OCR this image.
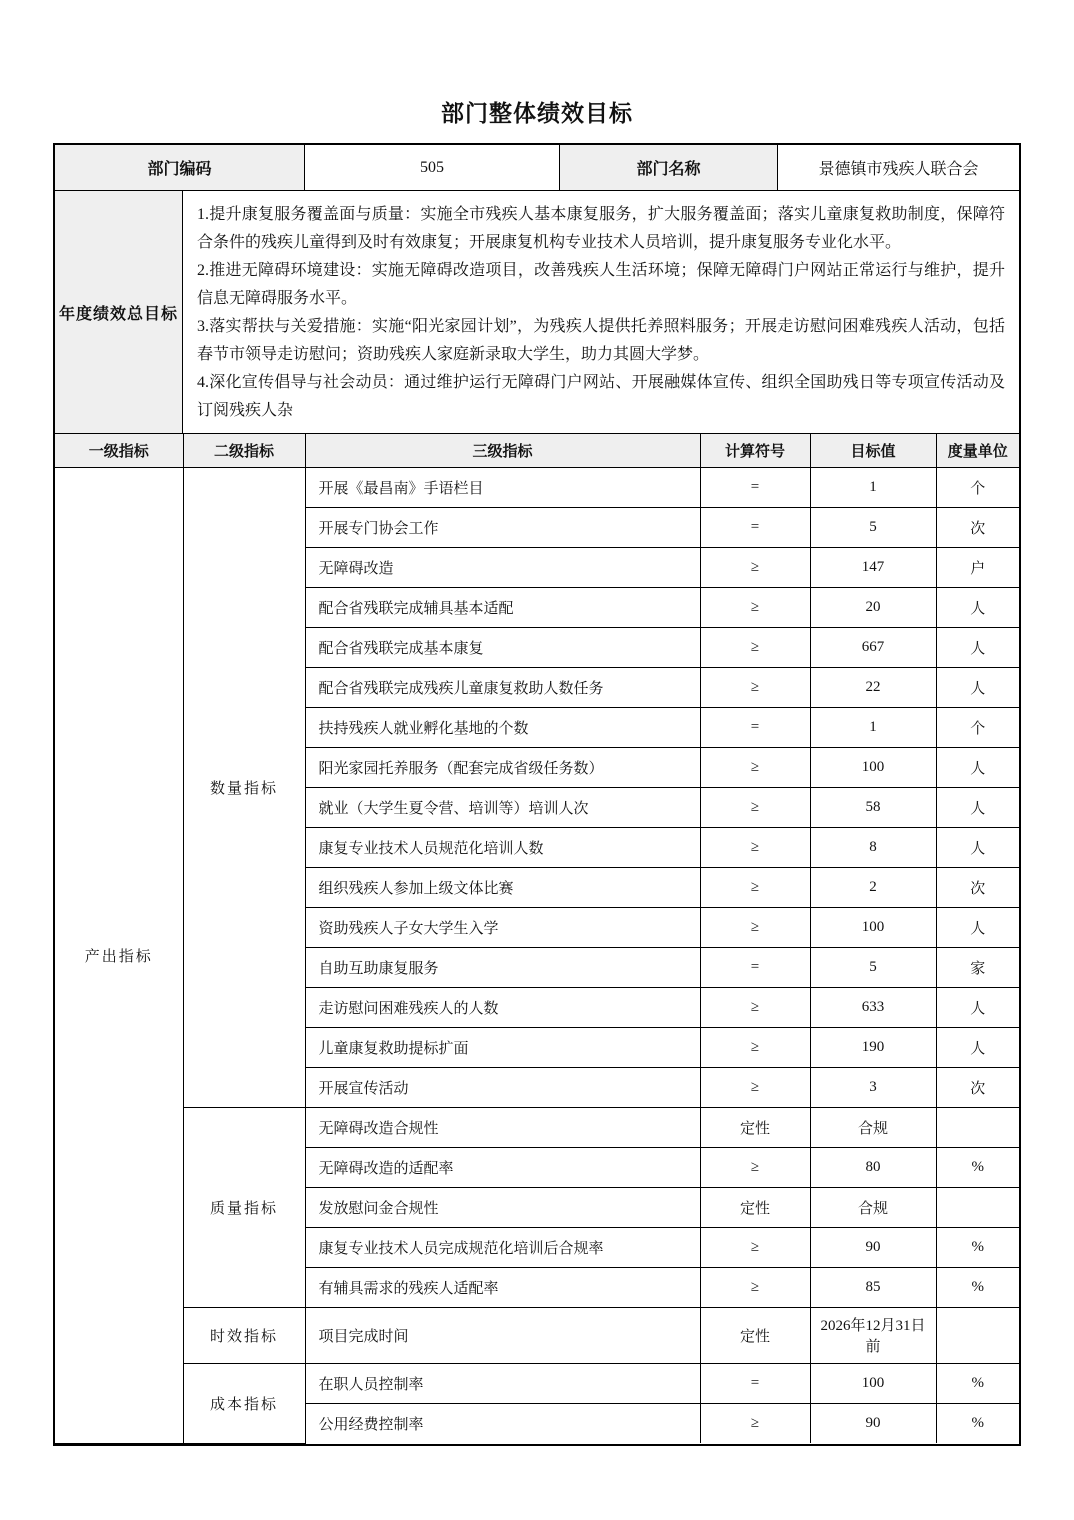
部门整体绩效目标
部门编码	505	部门名称	景德镇市残疾人联合会
年度绩效总目标

1.提升康复服务覆盖面与质量：实施全市残疾人基本康复服务，扩大服务覆盖面；落实儿童康复救助制度，保障符合条件的残疾儿童得到及时有效康复；开展康复机构专业技术人员培训，提升康复服务专业化水平。

2.推进无障碍环境建设：实施无障碍改造项目，改善残疾人生活环境；保障无障碍门户网站正常运行与维护，提升信息无障碍服务水平。

3.落实帮扶与关爱措施：实施“阳光家园计划”，为残疾人提供托养照料服务；开展走访慰问困难残疾人活动，包括春节市领导走访慰问；资助残疾人家庭新录取大学生，助力其圆大学梦。

4.深化宣传倡导与社会动员：通过维护运行无障碍门户网站、开展融媒体宣传、组织全国助残日等专项宣传活动及订阅残疾人杂

一级指标	二级指标	三级指标	计算符号	目标值	度量单位
产出指标	数量指标	开展《最昌南》手语栏目	=	1	个
		开展专门协会工作	=	5	次
		无障碍改造	≥	147	户
		配合省残联完成辅具基本适配	≥	20	人
		配合省残联完成基本康复	≥	667	人
		配合省残联完成残疾儿童康复救助人数任务	≥	22	人
		扶持残疾人就业孵化基地的个数	=	1	个
		阳光家园托养服务（配套完成省级任务数）	≥	100	人
		就业（大学生夏令营、培训等）培训人次	≥	58	人
		康复专业技术人员规范化培训人数	≥	8	人
		组织残疾人参加上级文体比赛	≥	2	次
		资助残疾人子女大学生入学	≥	100	人
		自助互助康复服务	=	5	家
		走访慰问困难残疾人的人数	≥	633	人
		儿童康复救助提标扩面	≥	190	人
		开展宣传活动	≥	3	次
	质量指标	无障碍改造合规性	定性	合规	
		无障碍改造的适配率	≥	80	%
		发放慰问金合规性	定性	合规	
		康复专业技术人员完成规范化培训后合规率	≥	90	%
		有辅具需求的残疾人适配率	≥	85	%
	时效指标	项目完成时间	定性	2026年12月31日前	
	成本指标	在职人员控制率	=	100	%
		公用经费控制率	≥	90	%
